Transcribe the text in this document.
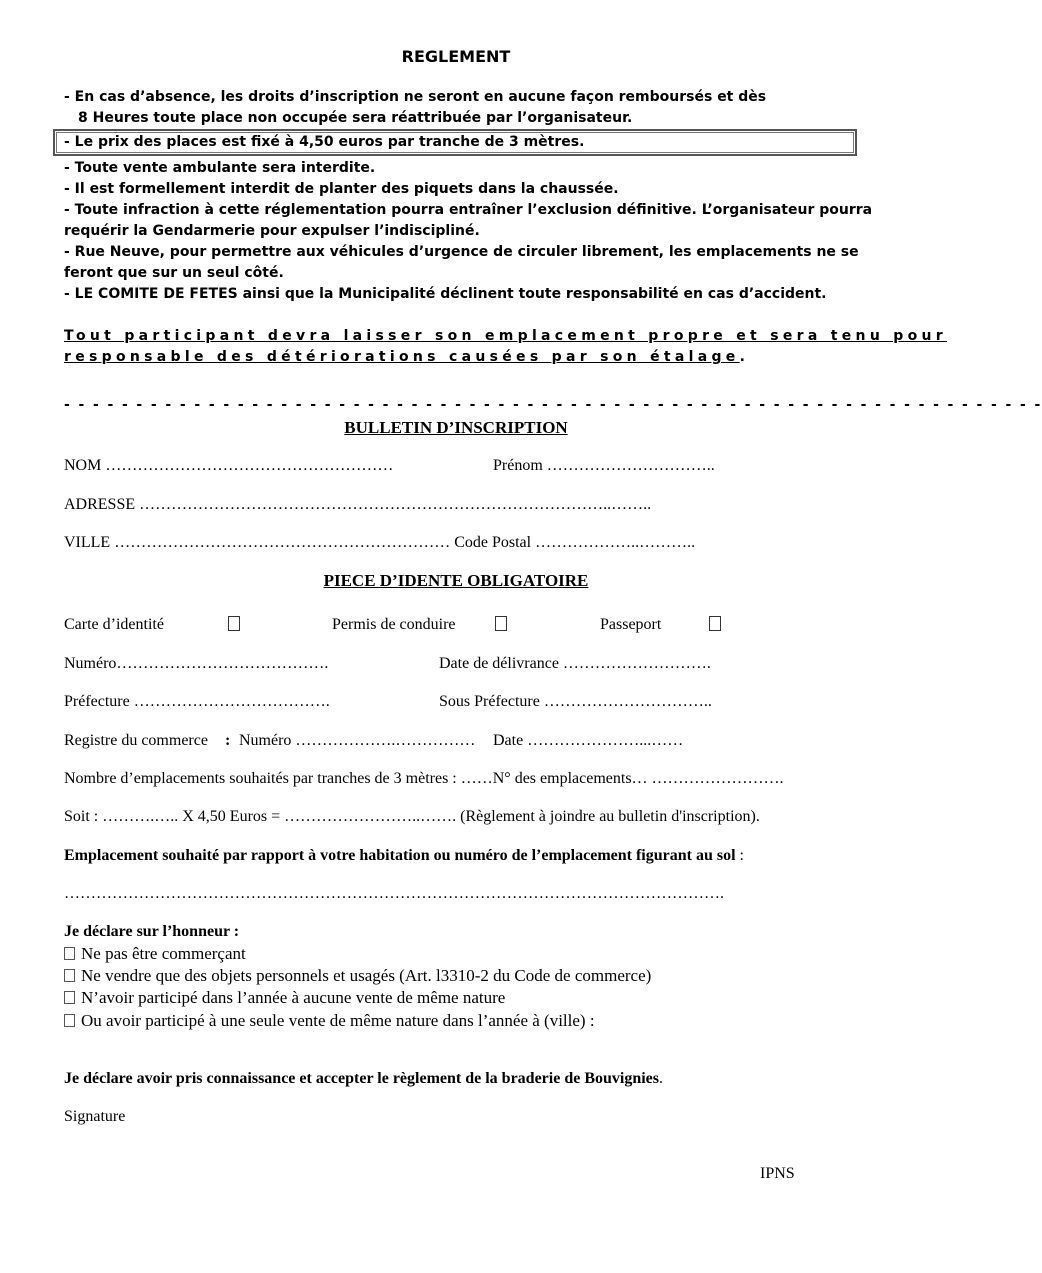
REGLEMENT
- En cas d’absence, les droits d’inscription ne seront en aucune façon remboursés et dès
8 Heures toute place non occupée sera réattribuée par l’organisateur.
- Le prix des places est fixé à 4,50 euros par tranche de 3 mètres.
- Toute vente ambulante sera interdite.
- Il est formellement interdit de planter des piquets dans la chaussée.
- Toute infraction à cette réglementation pourra entraîner l’exclusion définitive. L’organisateur pourra
requérir la Gendarmerie pour expulser l’indiscipliné.
- Rue Neuve, pour permettre aux véhicules d’urgence de circuler librement, les emplacements ne se
feront que sur un seul côté.
- LE COMITE DE FETES ainsi que la Municipalité déclinent toute responsabilité en cas d’accident.
Tout participant devra laisser son emplacement propre et sera tenu pour
responsable des détériorations causées par son étalage.
- - - - - - - - - - - - - - - - - - - - - - - - - - - - - - - - - - - - - - - - - - - - - - - - - - - - - - - - - - - - - - - - - - - -
BULLETIN D’INSCRIPTION
NOM ………………………………………………	Prénom …………………………..
ADRESSE ……………………………………………………………………………..……..
VILLE ……………………………………………………… Code Postal ………………..………..
PIECE D’IDENTE OBLIGATOIRE
Carte d’identité	Permis de conduire	Passeport
Numéro………………………………….	Date de délivrance ……………………….
Préfecture ……………………………….	Sous Préfecture …………………………..
Registre du commerce : Numéro ……………….…………… Date …………………...……
Nombre d’emplacements souhaités par tranches de 3 mètres : ……N° des emplacements… …………………….
Soit : ……….….. X 4,50 Euros = ……………………..……. (Règlement à joindre au bulletin d'inscription).
Emplacement souhaité par rapport à votre habitation ou numéro de l’emplacement figurant au sol :
…………………………………………………………………………………………………………….
Je déclare sur l’honneur :
Ne pas être commerçant
Ne vendre que des objets personnels et usagés (Art. l3310-2 du Code de commerce)
N’avoir participé dans l’année à aucune vente de même nature
Ou avoir participé à une seule vente de même nature dans l’année à (ville) :
Je déclare avoir pris connaissance et accepter le règlement de la braderie de Bouvignies.
Signature
IPNS
